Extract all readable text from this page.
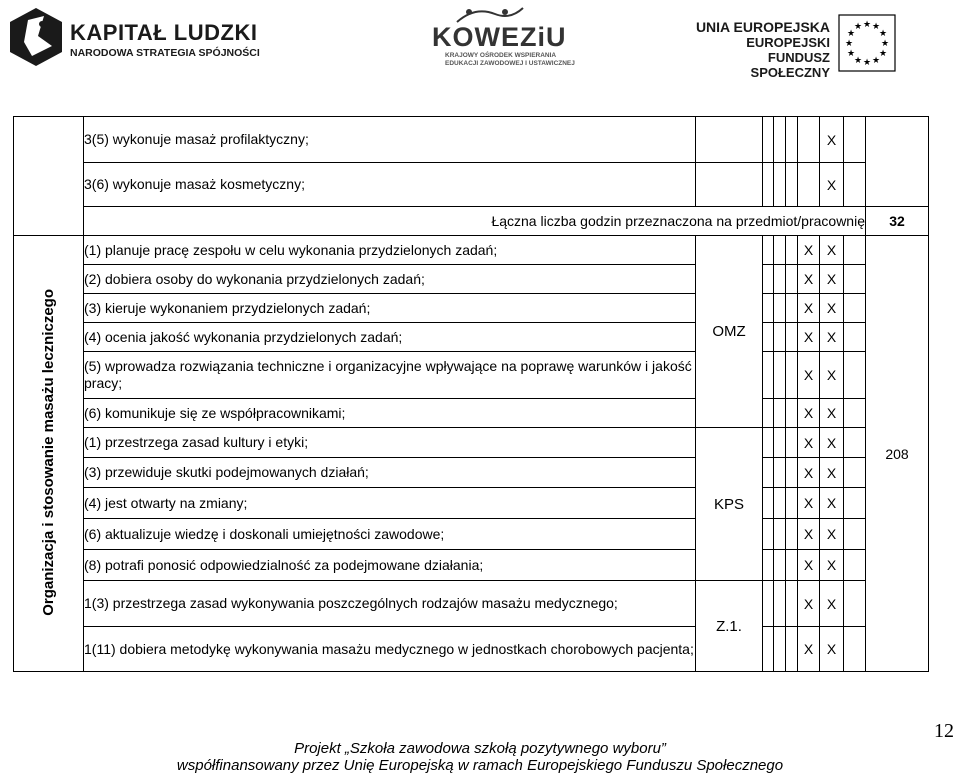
KAPITAŁ LUDZKI
NARODOWA STRATEGIA SPÓJNOŚCI
KOWEZiU
KRAJOWY OŚRODEK WSPIERANIA
EDUKACJI ZAWODOWEJ I USTAWICZNEJ
UNIA EUROPEJSKA
EUROPEJSKI
FUNDUSZ SPOŁECZNY
★ ★
★
★
★
★
★
★
★
★
★
★
	3(5) wykonuje masaż profilaktyczny;						X		
	3(6) wykonuje masaż kosmetyczny;						X		
	Łączna liczba godzin przeznaczona na przedmiot/pracownię								32
Organizacja i stosowanie masażu leczniczego	(1) planuje pracę zespołu w celu wykonania przydzielonych zadań;	OMZ				X	X		208
	(2) dobiera osoby do wykonania przydzielonych zadań;					X	X		
	(3) kieruje wykonaniem przydzielonych zadań;					X	X		
	(4) ocenia jakość wykonania przydzielonych zadań;					X	X		
	(5) wprowadza rozwiązania techniczne i organizacyjne wpływające na poprawę warunków i jakość pracy;					X	X		
	(6) komunikuje się ze współpracownikami;					X	X		
	(1) przestrzega zasad kultury i etyki;	KPS				X	X		
	(3) przewiduje skutki podejmowanych działań;					X	X		
	(4) jest otwarty na zmiany;					X	X		
	(6) aktualizuje wiedzę i doskonali umiejętności zawodowe;					X	X		
	(8) potrafi ponosić odpowiedzialność za podejmowane działania;					X	X		
	1(3) przestrzega zasad wykonywania poszczególnych rodzajów masażu medycznego;	Z.1.				X	X		
	1(11) dobiera metodykę wykonywania masażu medycznego w jednostkach chorobowych pacjenta;					X	X		
12
Projekt „Szkoła zawodowa szkołą pozytywnego wyboru”
współfinansowany przez Unię Europejską w ramach Europejskiego Funduszu Społecznego
